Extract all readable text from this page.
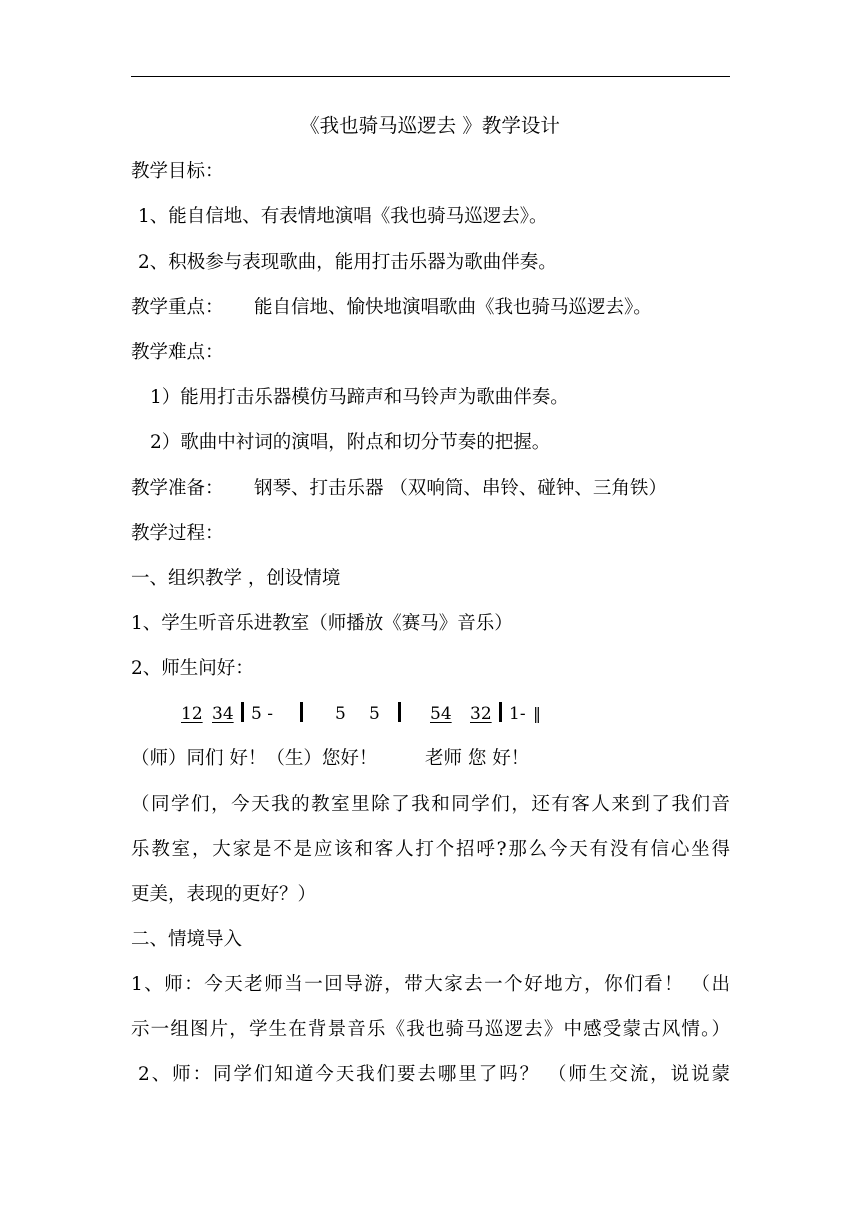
《我也骑马巡逻去 》教学设计
教学目标：
1、能自信地、有表情地演唱《我也骑马巡逻去》。
2、积极参与表现歌曲，能用打击乐器为歌曲伴奏。
教学重点： 能自信地、愉快地演唱歌曲《我也骑马巡逻去》。
教学难点：
1）能用打击乐器模仿马蹄声和马铃声为歌曲伴奏。
2）歌曲中衬词的演唱，附点和切分节奏的把握。
教学准备： 钢琴、打击乐器 （双响筒、串铃、碰钟、三角铁）
教学过程：
一、组织教学 ，创设情境
1、学生听音乐进教室（师播放《赛马》音乐）
2、师生问好：
12 34 5 -	5 5	54 32 1- ‖
（师）同们 好！（生）您好！	老师 您 好！
（同学们，今天我的教室里除了我和同学们，还有客人来到了我们音
乐教室，大家是不是应该和客人打个招呼?那么今天有没有信心坐得
更美，表现的更好？）
二、情境导入
1、师：今天老师当一回导游，带大家去一个好地方，你们看！ （出
示一组图片，学生在背景音乐《我也骑马巡逻去》中感受蒙古风情。）
2、师：同学们知道今天我们要去哪里了吗？ （师生交流，说说蒙
